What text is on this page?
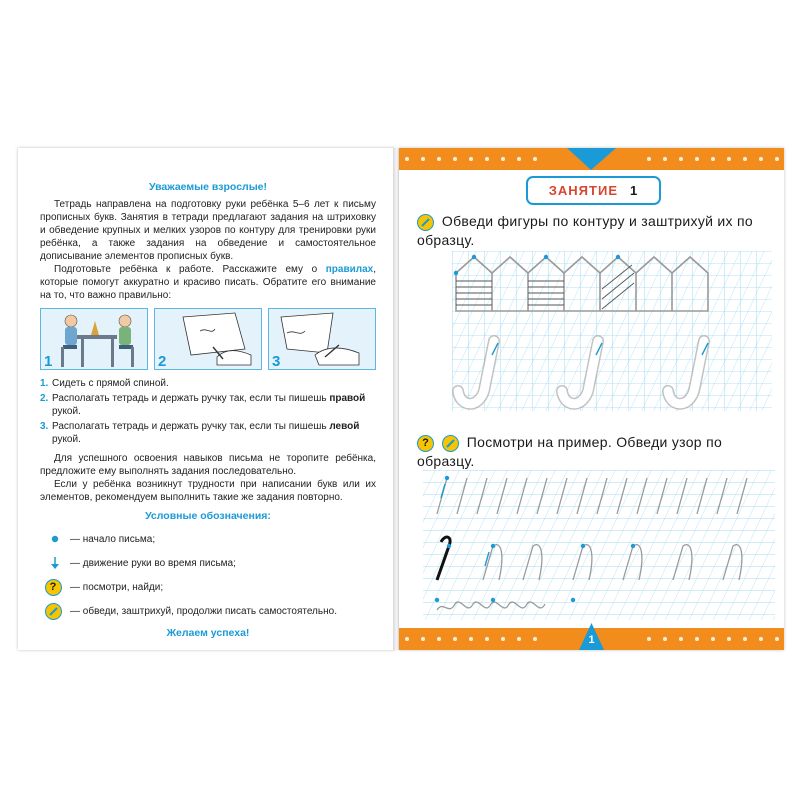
Уважаемые взрослые!

Тетрадь направлена на подготовку руки ребёнка 5–6 лет к письму прописных букв. Занятия в тетради предлагают задания на штриховку и обведение крупных и мелких узоров по контуру для тренировки руки ребёнка, а также задания на обведение и самостоятельное дописывание элементов прописных букв.

Подготовьте ребёнка к работе. Расскажите ему о правилах, которые помогут аккуратно и красиво писать. Обратите его внимание на то, что важно правильно:

1	2	3
1. Сидеть с прямой спиной.
2. Располагать тетрадь и держать ручку так, если ты пишешь правой рукой.
3. Располагать тетрадь и держать ручку так, если ты пишешь левой рукой.

Для успешного освоения навыков письма не торопите ребёнка, предложите ему выполнять задания последовательно.

Если у ребёнка возникнут трудности при написании букв или их элементов, рекомендуем выполнить такие же задания повторно.

Условные обозначения:
— начало письма;
— движение руки во время письма;
?	— посмотри, найди;
— обведи, заштрихуй, продолжи писать самостоятельно.
Желаем успеха!
ЗАНЯТИЕ 1
Обведи фигуры по контуру и заштрихуй их по образцу.
?	Посмотри на пример. Обведи узор по образцу.
1
